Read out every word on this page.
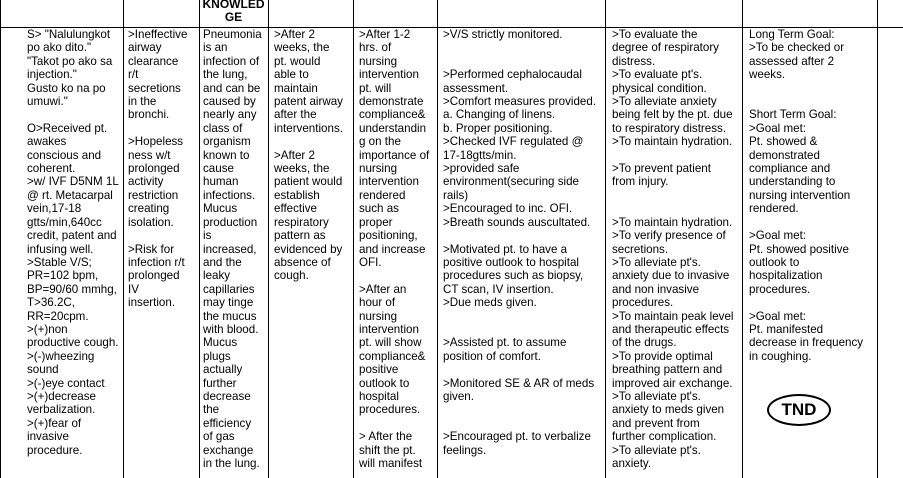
KNOWLED
GE
S> "Nalulungkot
po ako dito."
"Takot po ako sa
injection."
Gusto ko na po
umuwi."

O>Received pt.
awakes
conscious and
coherent.
>w/ IVF D5NM 1L
@ rt. Metacarpal
vein,17-18
gtts/min,640cc
credit, patent and
infusing well.
>Stable V/S;
PR=102 bpm,
BP=90/60 mmhg,
T>36.2C,
RR=20cpm.
>(+)non
productive cough.
>(-)wheezing
sound
>(-)eye contact
>(+)decrease
verbalization.
>(+)fear of
invasive
procedure.
>Ineffective
airway
clearance
r/t
secretions
in the
bronchi.

>Hopeless
ness w/t
prolonged
activity
restriction
creating
isolation.

>Risk for
infection r/t
prolonged
IV
insertion.
Pneumonia
is an
infection of
the lung,
and can be
caused by
nearly any
class of
organism
known to
cause
human
infections.
Mucus
production
is
increased,
and the
leaky
capillaries
may tinge
the mucus
with blood.
Mucus
plugs
actually
further
decrease
the
efficiency
of gas
exchange
in the lung.
>After 2
weeks, the
pt. would
able to
maintain
patent airway
after the
interventions.

>After 2
weeks, the
patient would
establish
effective
respiratory
pattern as
evidenced by
absence of
cough.
>After 1-2
hrs. of
nursing
intervention
pt. will
demonstrate
compliance&
understandin
g on the
importance of
nursing
intervention
rendered
such as
proper
positioning,
and increase
OFI.

>After an
hour of
nursing
intervention
pt. will show
compliance&
positive
outlook to
hospital
procedures.

> After the
shift the pt.
will manifest
>V/S strictly monitored.

>Performed cephalocaudal
assessment.
>Comfort measures provided.
a. Changing of linens.
b. Proper positioning.
>Checked IVF regulated @
17-18gtts/min.
>provided safe
environment(securing side
rails)
>Encouraged to inc. OFI.
>Breath sounds auscultated.

>Motivated pt. to have a
positive outlook to hospital
procedures such as biopsy,
CT scan, IV insertion.
>Due meds given.

>Assisted pt. to assume
position of comfort.

>Monitored SE & AR of meds
given.

>Encouraged pt. to verbalize
feelings.
>To evaluate the
degree of respiratory
distress.
>To evaluate pt's.
physical condition.
>To alleviate anxiety
being felt by the pt. due
to respiratory distress.
>To maintain hydration.

>To prevent patient
from injury.

>To maintain hydration.
>To verify presence of
secretions.
>To alleviate pt's.
anxiety due to invasive
and non invasive
procedures.
>To maintain peak level
and therapeutic effects
of the drugs.
>To provide optimal
breathing pattern and
improved air exchange.
>To alleviate pt's.
anxiety to meds given
and prevent from
further complication.
>To alleviate pt's.
anxiety.
Long Term Goal:
>To be checked or
assessed after 2
weeks.

Short Term Goal:
>Goal met:
Pt. showed &
demonstrated
compliance and
understanding to
nursing intervention
rendered.

>Goal met:
Pt. showed positive
outlook to
hospitalization
procedures.

>Goal met:
Pt. manifested
decrease in frequency
in coughing.
TND
